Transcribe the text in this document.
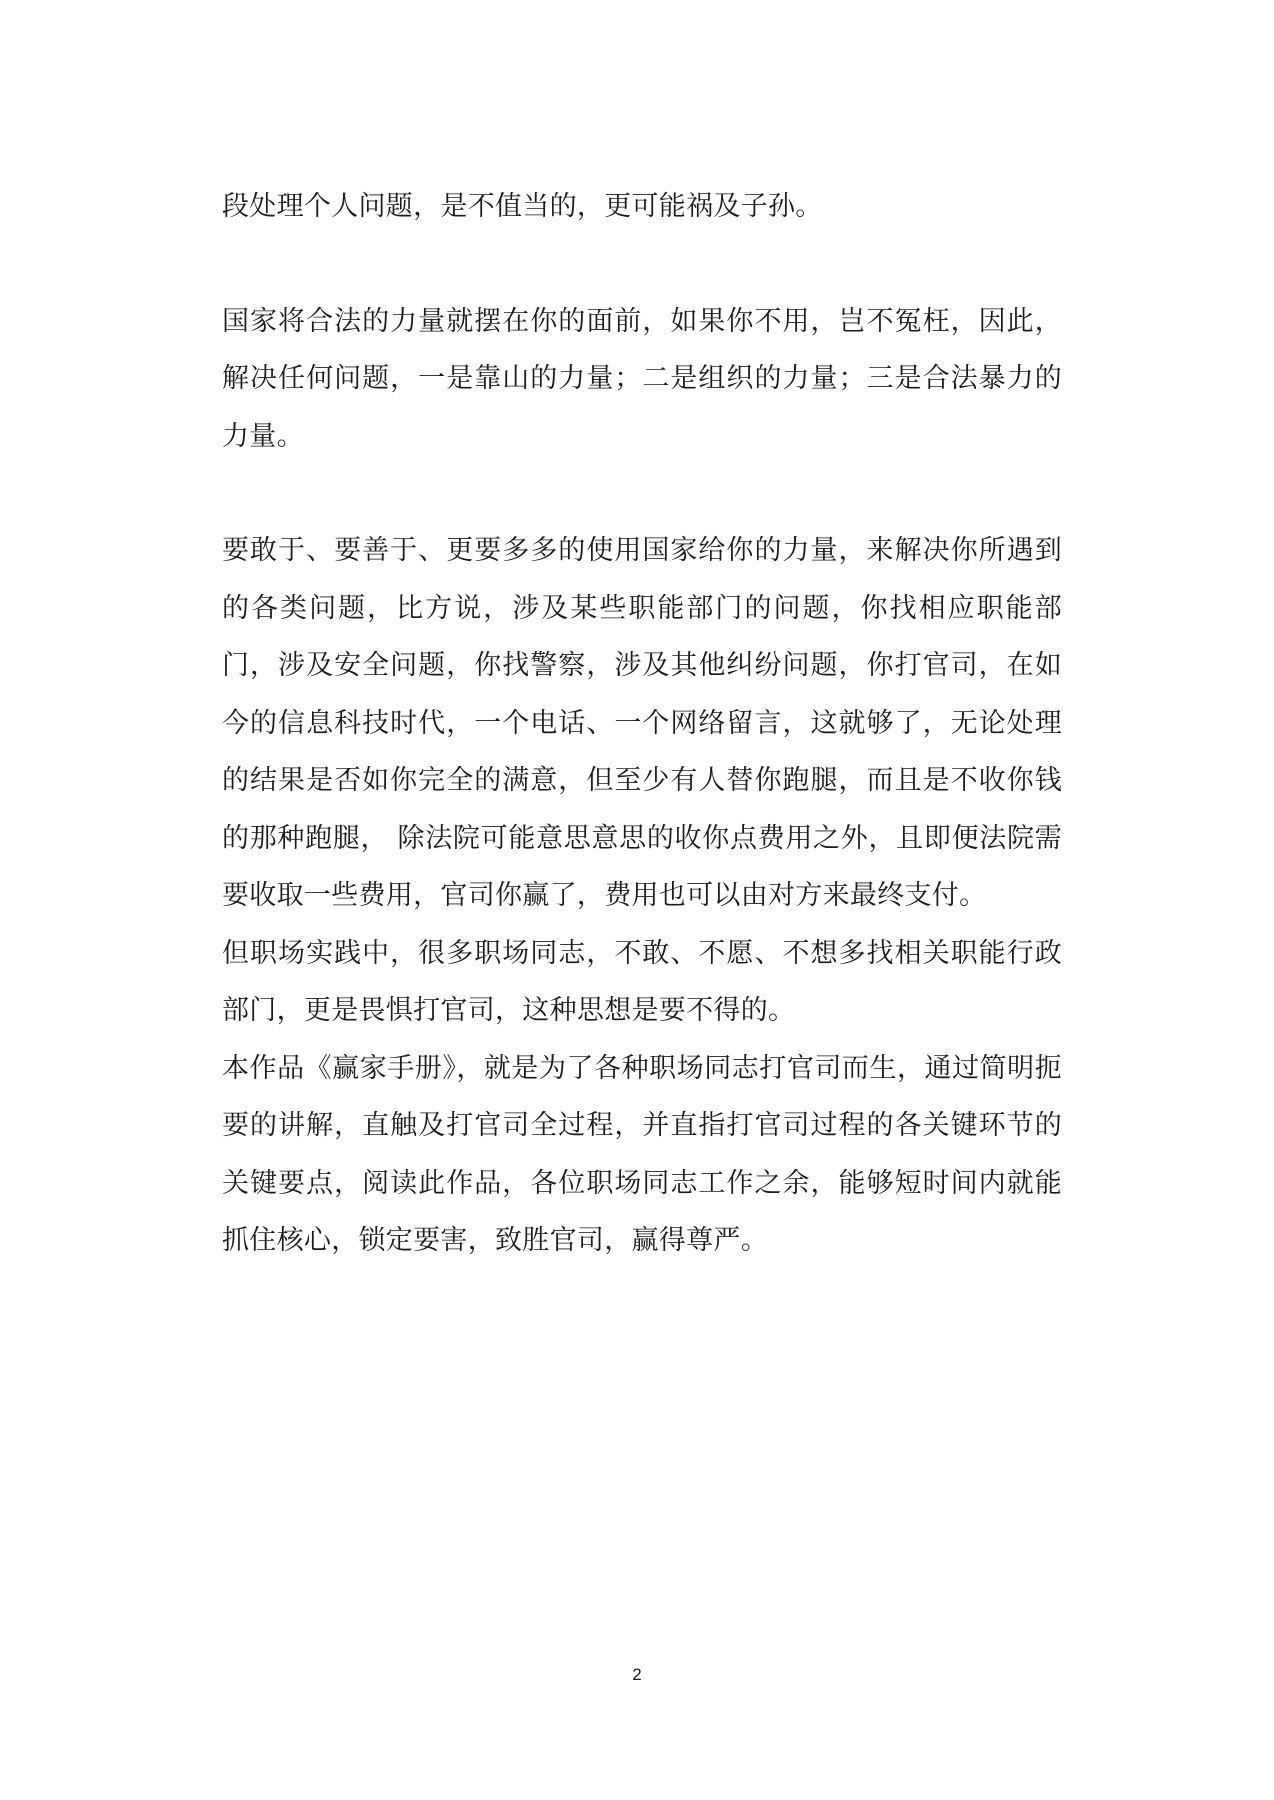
段处理个人问题，是不值当的，更可能祸及子孙。

国家将合法的力量就摆在你的面前，如果你不用，岂不冤枉，因此，解决任何问题，一是靠山的力量；二是组织的力量；三是合法暴力的力量。

要敢于、要善于、更要多多的使用国家给你的力量，来解决你所遇到的各类问题，比方说，涉及某些职能部门的问题，你找相应职能部门，涉及安全问题，你找警察，涉及其他纠纷问题，你打官司，在如今的信息科技时代，一个电话、一个网络留言，这就够了，无论处理的结果是否如你完全的满意，但至少有人替你跑腿，而且是不收你钱的那种跑腿， 除法院可能意思意思的收你点费用之外，且即便法院需要收取一些费用，官司你赢了，费用也可以由对方来最终支付。

但职场实践中，很多职场同志，不敢、不愿、不想多找相关职能行政部门，更是畏惧打官司，这种思想是要不得的。

本作品《赢家手册》，就是为了各种职场同志打官司而生，通过简明扼要的讲解，直触及打官司全过程，并直指打官司过程的各关键环节的关键要点，阅读此作品，各位职场同志工作之余，能够短时间内就能抓住核心，锁定要害，致胜官司，赢得尊严。

2
